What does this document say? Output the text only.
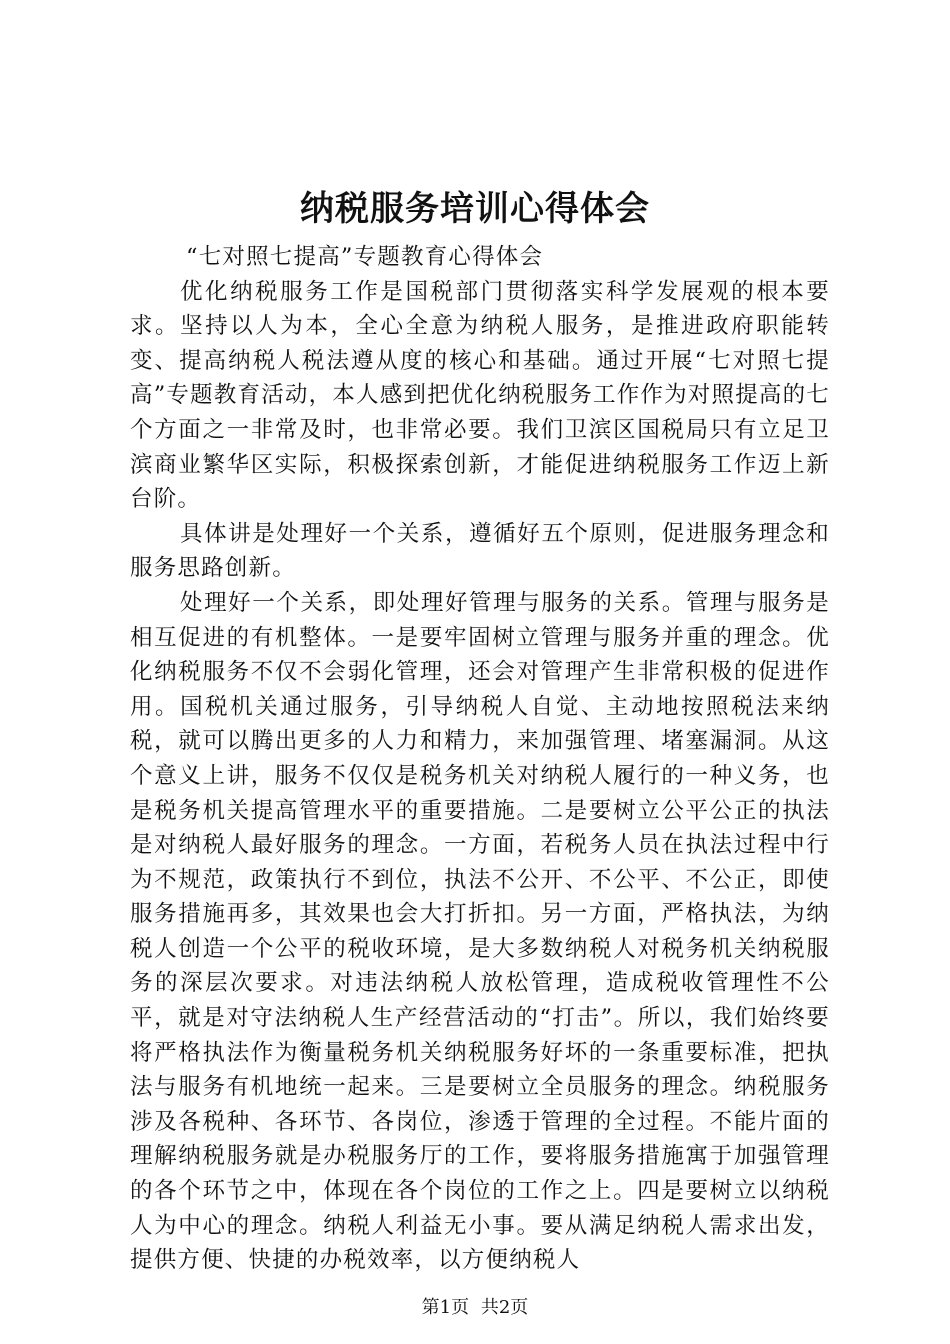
纳税服务培训心得体会

“七对照七提高”专题教育心得体会

优化纳税服务工作是国税部门贯彻落实科学发展观的根本要求。坚持以人为本，全心全意为纳税人服务，是推进政府职能转变、提高纳税人税法遵从度的核心和基础。通过开展“七对照七提高”专题教育活动，本人感到把优化纳税服务工作作为对照提高的七个方面之一非常及时，也非常必要。我们卫滨区国税局只有立足卫滨商业繁华区实际，积极探索创新，才能促进纳税服务工作迈上新台阶。

具体讲是处理好一个关系，遵循好五个原则，促进服务理念和服务思路创新。

处理好一个关系，即处理好管理与服务的关系。管理与服务是相互促进的有机整体。一是要牢固树立管理与服务并重的理念。优化纳税服务不仅不会弱化管理，还会对管理产生非常积极的促进作用。国税机关通过服务，引导纳税人自觉、主动地按照税法来纳税，就可以腾出更多的人力和精力，来加强管理、堵塞漏洞。从这个意义上讲，服务不仅仅是税务机关对纳税人履行的一种义务，也是税务机关提高管理水平的重要措施。二是要树立公平公正的执法是对纳税人最好服务的理念。一方面，若税务人员在执法过程中行为不规范，政策执行不到位，执法不公开、不公平、不公正，即使服务措施再多，其效果也会大打折扣。另一方面，严格执法，为纳税人创造一个公平的税收环境，是大多数纳税人对税务机关纳税服务的深层次要求。对违法纳税人放松管理，造成税收管理性不公平，就是对守法纳税人生产经营活动的“打击”。所以，我们始终要将严格执法作为衡量税务机关纳税服务好坏的一条重要标准，把执法与服务有机地统一起来。三是要树立全员服务的理念。纳税服务涉及各税种、各环节、各岗位，渗透于管理的全过程。不能片面的理解纳税服务就是办税服务厅的工作，要将服务措施寓于加强管理的各个环节之中，体现在各个岗位的工作之上。四是要树立以纳税人为中心的理念。纳税人利益无小事。要从满足纳税人需求出发，提供方便、快捷的办税效率，以方便纳税人

第1页 共2页
